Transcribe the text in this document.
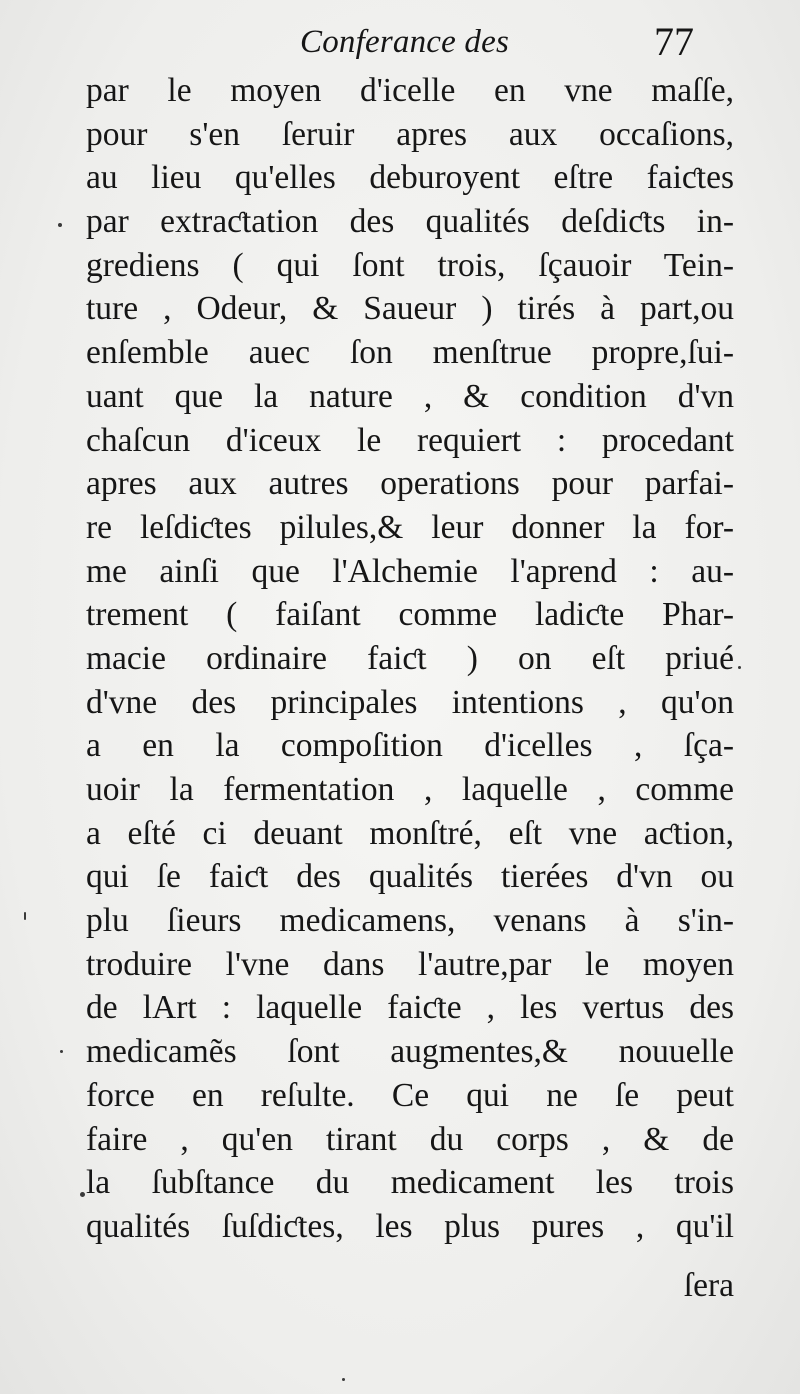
Conferance des	77
par le moyen d'icelle en vne maſſe,
pour s'en ſeruir apres aux occaſions,
au lieu qu'elles deburoyent eſtre faiƈtes
par extraƈtation des qualités deſdiƈts in-
grediens ( qui ſont trois, ſçauoir Tein-
ture , Odeur, & Saueur ) tirés à part,ou
enſemble auec ſon menſtrue propre,ſui-
uant que la nature , & condition d'vn
chaſcun d'iceux le requiert : procedant
apres aux autres operations pour parfai-
re leſdiƈtes pilules,& leur donner la for-
me ainſi que l'Alchemie l'aprend : au-
trement ( faiſant comme ladiƈte Phar-
macie ordinaire faiƈt ) on eſt priué
d'vne des principales intentions , qu'on
a en la compoſition d'icelles , ſça-
uoir la fermentation , laquelle , comme
a eſté ci deuant monſtré, eſt vne aƈtion,
qui ſe faiƈt des qualités tierées d'vn ou
plu ſieurs medicamens, venans à s'in-
troduire l'vne dans l'autre,par le moyen
de lArt : laquelle faiƈte , les vertus des
medicamẽs ſont augmentes,& nouuelle
force en reſulte. Ce qui ne ſe peut
faire , qu'en tirant du corps , & de
la ſubſtance du medicament les trois
qualités ſuſdiƈtes, les plus pures , qu'il
ſera
